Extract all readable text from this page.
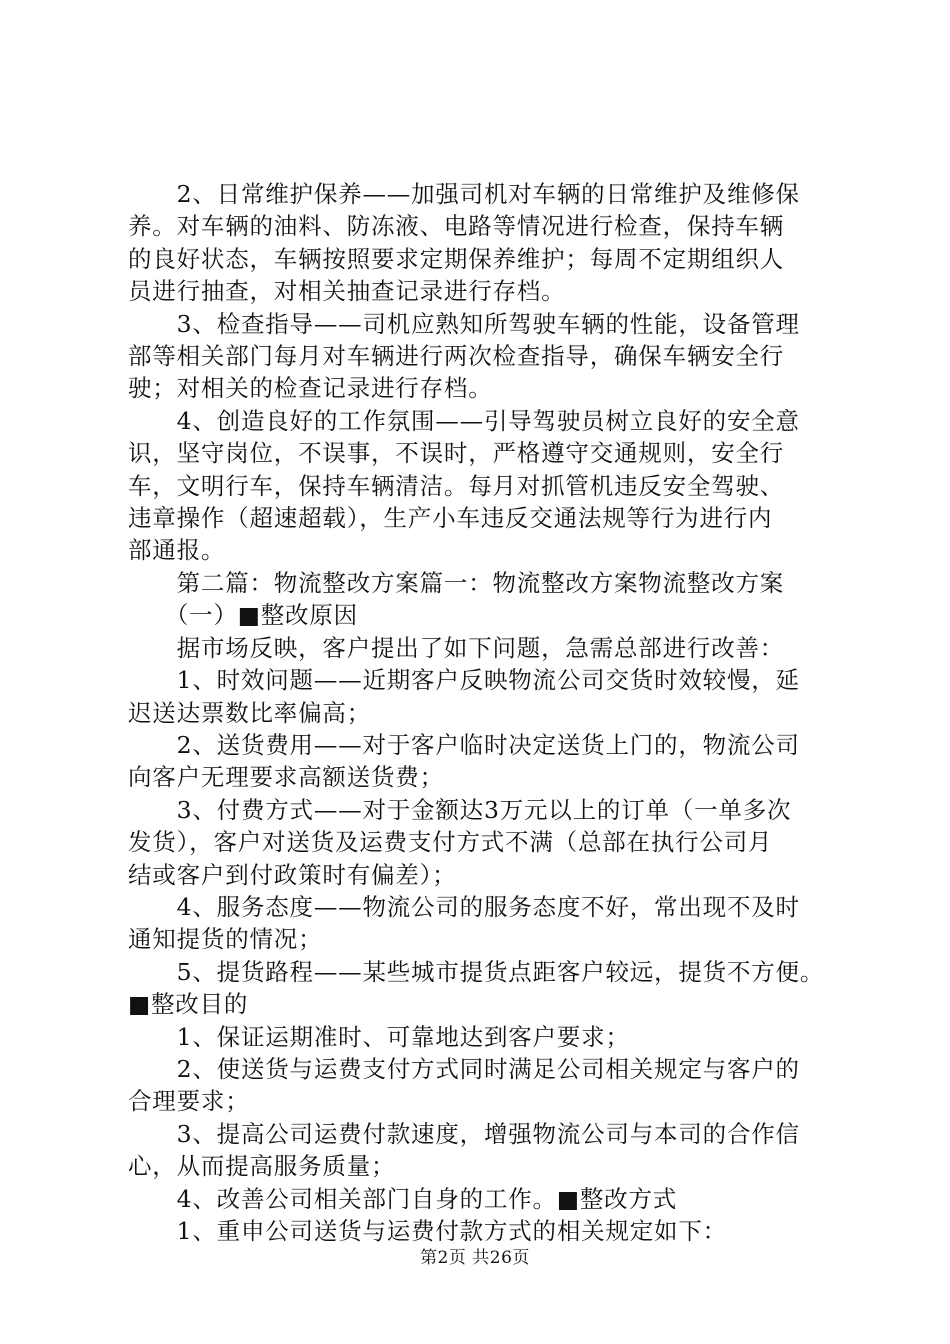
　　2、日常维护保养——加强司机对车辆的日常维护及维修保
养。对车辆的油料、防冻液、电路等情况进行检查，保持车辆
的良好状态，车辆按照要求定期保养维护；每周不定期组织人
员进行抽查，对相关抽查记录进行存档。
　　3、检查指导——司机应熟知所驾驶车辆的性能，设备管理
部等相关部门每月对车辆进行两次检查指导，确保车辆安全行
驶；对相关的检查记录进行存档。
　　4、创造良好的工作氛围——引导驾驶员树立良好的安全意
识，坚守岗位，不误事，不误时，严格遵守交通规则，安全行
车，文明行车，保持车辆清洁。每月对抓管机违反安全驾驶、
违章操作（超速超载），生产小车违反交通法规等行为进行内
部通报。
　　第二篇：物流整改方案篇一：物流整改方案物流整改方案
　　（一）■整改原因
　　据市场反映，客户提出了如下问题，急需总部进行改善：
　　1、时效问题——近期客户反映物流公司交货时效较慢，延
迟送达票数比率偏高；
　　2、送货费用——对于客户临时决定送货上门的，物流公司
向客户无理要求高额送货费；
　　3、付费方式——对于金额达3万元以上的订单（一单多次
发货），客户对送货及运费支付方式不满（总部在执行公司月
结或客户到付政策时有偏差）；
　　4、服务态度——物流公司的服务态度不好，常出现不及时
通知提货的情况；
　　5、提货路程——某些城市提货点距客户较远，提货不方便。
■整改目的
　　1、保证运期准时、可靠地达到客户要求；
　　2、使送货与运费支付方式同时满足公司相关规定与客户的
合理要求；
　　3、提高公司运费付款速度，增强物流公司与本司的合作信
心，从而提高服务质量；
　　4、改善公司相关部门自身的工作。■整改方式
　　1、重申公司送货与运费付款方式的相关规定如下：
第2页 共26页
